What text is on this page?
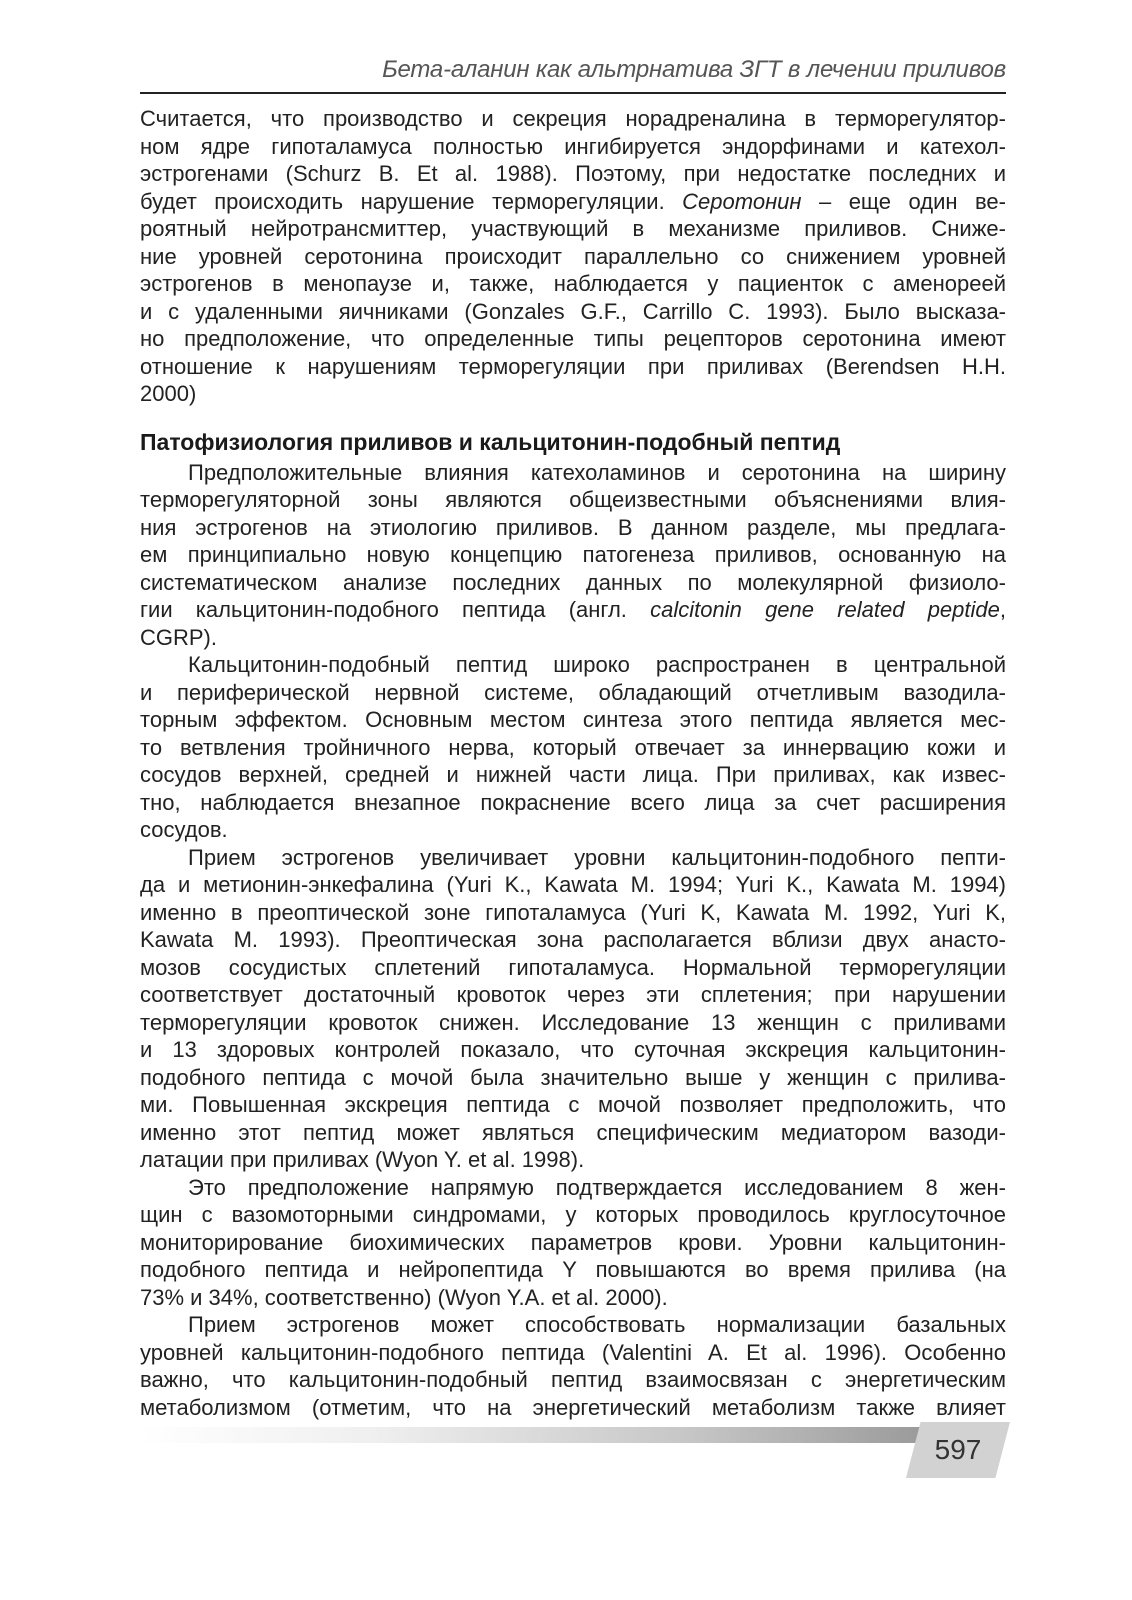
Бета-аланин как альтрнатива ЗГТ в лечении приливов
Считается, что производство и секреция норадреналина в терморегулятор-
ном ядре гипоталамуса полностью ингибируется эндорфинами и катехол-
эстрогенами (Schurz B. Et al. 1988). Поэтому, при недостатке последних и
будет происходить нарушение терморегуляции. Серотонин – еще один ве-
роятный нейротрансмиттер, участвующий в механизме приливов. Сниже-
ние уровней серотонина происходит параллельно со снижением уровней
эстрогенов в менопаузе и, также, наблюдается у пациенток с аменореей
и с удаленными яичниками (Gonzales G.F., Carrillo C. 1993). Было высказа-
но предположение, что определенные типы рецепторов серотонина имеют
отношение к нарушениям терморегуляции при приливах (Berendsen H.H.
2000)
Патофизиология приливов и кальцитонин-подобный пептид
Предположительные влияния катехоламинов и серотонина на ширину
терморегуляторной зоны являются общеизвестными объяснениями влия-
ния эстрогенов на этиологию приливов. В данном разделе, мы предлага-
ем принципиально новую концепцию патогенеза приливов, основанную на
систематическом анализе последних данных по молекулярной физиоло-
гии кальцитонин-подобного пептида (англ. calcitonin gene related peptide,
CGRP).
Кальцитонин-подобный пептид широко распространен в центральной
и периферической нервной системе, обладающий отчетливым вазодила-
торным эффектом. Основным местом синтеза этого пептида является мес-
то ветвления тройничного нерва, который отвечает за иннервацию кожи и
сосудов верхней, средней и нижней части лица. При приливах, как извес-
тно, наблюдается внезапное покраснение всего лица за счет расширения
сосудов.
Прием эстрогенов увеличивает уровни кальцитонин-подобного пепти-
да и метионин-энкефалина (Yuri K., Kawata M. 1994; Yuri K., Kawata M. 1994)
именно в преоптической зоне гипоталамуса (Yuri K, Kawata M. 1992, Yuri K,
Kawata M. 1993). Преоптическая зона располагается вблизи двух анасто-
мозов сосудистых сплетений гипоталамуса. Нормальной терморегуляции
соответствует достаточный кровоток через эти сплетения; при нарушении
терморегуляции кровоток снижен. Исследование 13 женщин с приливами
и 13 здоровых контролей показало, что суточная экскреция кальцитонин-
подобного пептида с мочой была значительно выше у женщин с прилива-
ми. Повышенная экскреция пептида с мочой позволяет предположить, что
именно этот пептид может являться специфическим медиатором вазоди-
латации при приливах (Wyon Y. et al. 1998).
Это предположение напрямую подтверждается исследованием 8 жен-
щин с вазомоторными синдромами, у которых проводилось круглосуточное
мониторирование биохимических параметров крови. Уровни кальцитонин-
подобного пептида и нейропептида Y повышаются во время прилива (на
73% и 34%, соответственно) (Wyon Y.A. et al. 2000).
Прием эстрогенов может способствовать нормализации базальных
уровней кальцитонин-подобного пептида (Valentini A. Et al. 1996). Особенно
важно, что кальцитонин-подобный пептид взаимосвязан с энергетическим
метаболизмом (отметим, что на энергетический метаболизм также влияет
597
